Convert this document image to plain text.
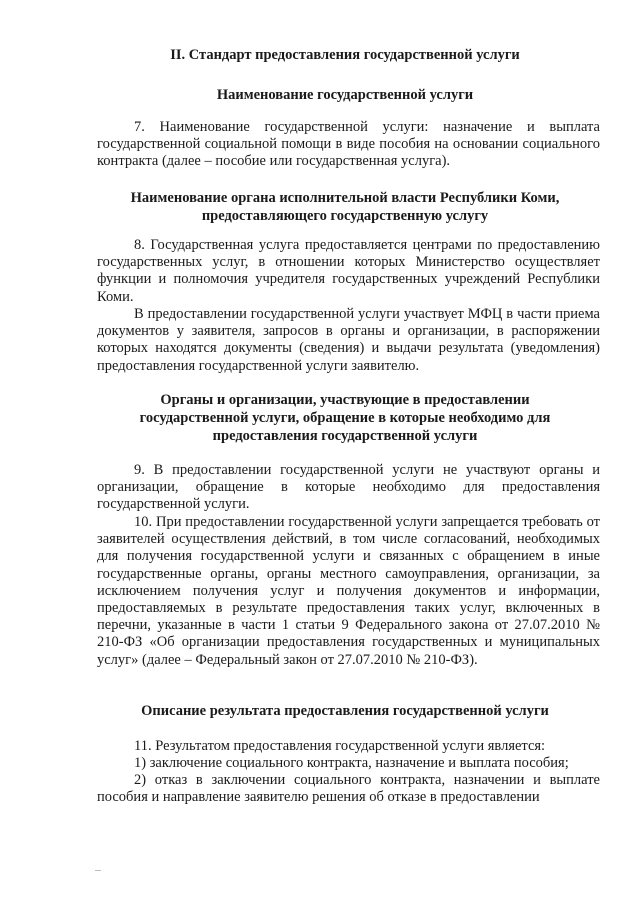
II. Стандарт предоставления государственной услуги
Наименование государственной услуги

7. Наименование государственной услуги: назначение и выплата государственной социальной помощи в виде пособия на основании социального контракта (далее – пособие или государственная услуга).

Наименование органа исполнительной власти Республики Коми, предоставляющего государственную услугу

8. Государственная услуга предоставляется центрами по предоставлению государственных услуг, в отношении которых Министерство осуществляет функции и полномочия учредителя государственных учреждений Республики Коми.

В предоставлении государственной услуги участвует МФЦ в части приема документов у заявителя, запросов в органы и организации, в распоряжении которых находятся документы (сведения) и выдачи результата (уведомления) предоставления государственной услуги заявителю.

Органы и организации, участвующие в предоставлении государственной услуги, обращение в которые необходимо для предоставления государственной услуги

9. В предоставлении государственной услуги не участвуют органы и организации, обращение в которые необходимо для предоставления государственной услуги.

10. При предоставлении государственной услуги запрещается требовать от заявителей осуществления действий, в том числе согласований, необходимых для получения государственной услуги и связанных с обращением в иные государственные органы, органы местного самоуправления, организации, за исключением получения услуг и получения документов и информации, предоставляемых в результате предоставления таких услуг, включенных в перечни, указанные в части 1 статьи 9 Федерального закона от 27.07.2010 № 210-ФЗ «Об организации предоставления государственных и муниципальных услуг» (далее – Федеральный закон от 27.07.2010 № 210-ФЗ).

Описание результата предоставления государственной услуги

11. Результатом предоставления государственной услуги является:

1) заключение социального контракта, назначение и выплата пособия;

2) отказ в заключении социального контракта, назначении и выплате пособия и направление заявителю решения об отказе в предоставлении
